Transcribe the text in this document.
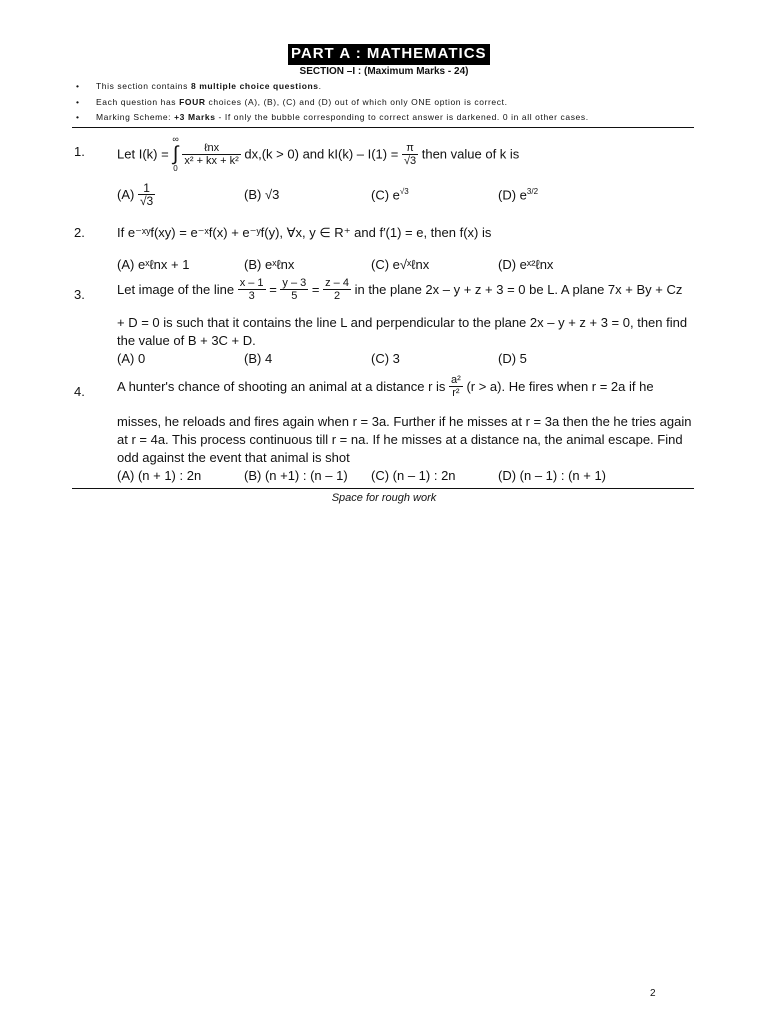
PART A : MATHEMATICS
SECTION –I : (Maximum Marks - 24)
• This section contains 8 multiple choice questions.
• Each question has FOUR choices (A), (B), (C) and (D) out of which only ONE option is correct.
• Marking Scheme: +3 Marks - If only the bubble corresponding to correct answer is darkened. 0 in all other cases.
1. Let I(k) =
∞
∫
0

$\frac{\text{ℓnx}}{\text{x² + kx + k²}} dx,(k > 0)$ and $kI(k) - I(1) = \frac{\pi}{√3}$ then value of k is
$(A) \frac{1}{√3}$	(B) √3	(C) $e^{√3}$	(D) $e^{3/2}$
2. If e⁻ˣʸf(xy) = e⁻ˣf(x) + e⁻ʸf(y), ∀x, y ∈ R⁺ and f′(1) = e, then f(x) is
(A) eˣℓnx + 1	(B) eˣℓnx	(C) e√ˣℓnx	(D) eˣ²ℓnx
3. Let image of the line $\frac{x - 1}{3} = \frac{y - 3}{5} = \frac{z - 4}{2}$ in the plane 2x – y + z + 3 = 0 be L. A plane 7x + By + Cz
+ D = 0 is such that it contains the line L and perpendicular to the plane 2x – y + z + 3 = 0, then find
the value of B + 3C + D.
(A) 0	(B) 4	(C) 3	(D) 5
4. A hunter's chance of shooting an animal at a distance r is $\frac{\text{a²}}{\text{r²}} (r > a)$. He fires when r = 2a if he
misses, he reloads and fires again when r = 3a. Further if he misses at r = 3a then the he tries again
at r = 4a. This process continuous till r = na. If he misses at a distance na, the animal escape. Find
odd against the event that animal is shot
(A) (n + 1) : 2n	(B) (n +1) : (n – 1) (C) (n – 1) : 2n	(D) (n – 1) : (n + 1)
Space for rough work
2
